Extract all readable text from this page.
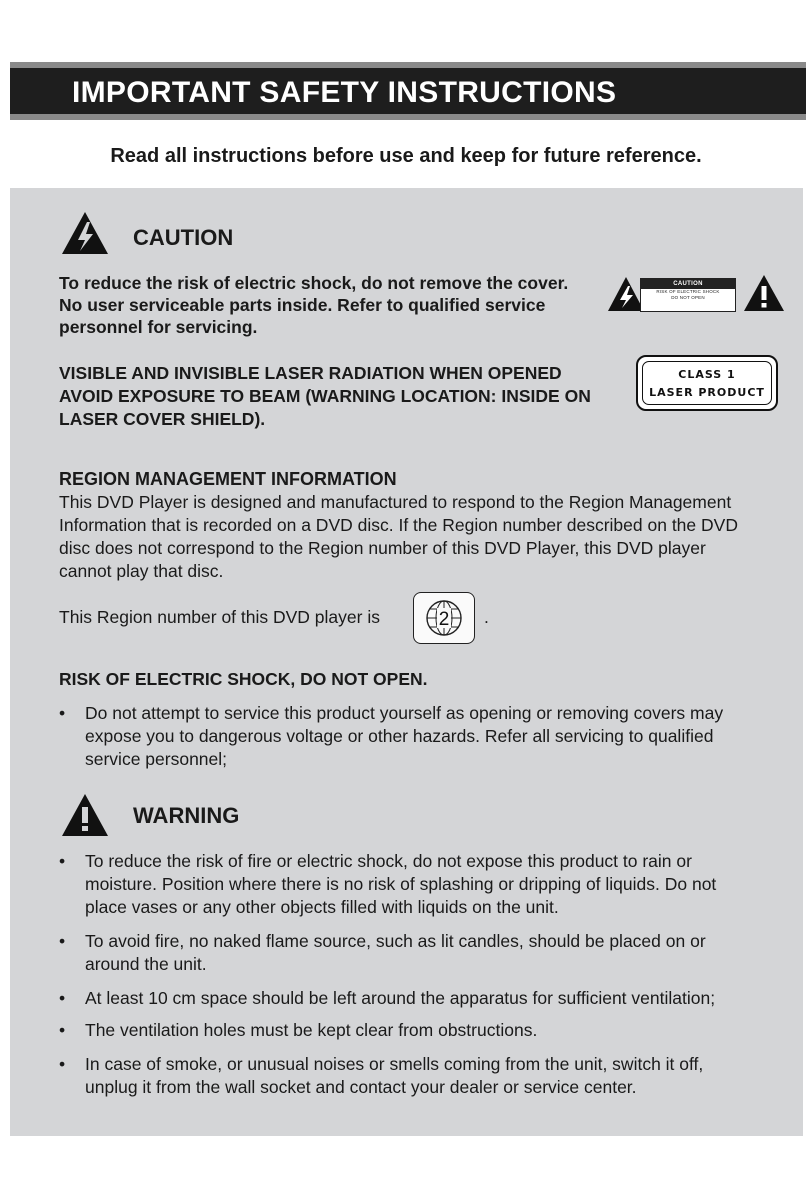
IMPORTANT SAFETY INSTRUCTIONS
Read all instructions before use and keep for future reference.
CAUTION
To reduce the risk of electric shock, do not remove the cover.
No user serviceable parts inside. Refer to qualified service
personnel for servicing.
CAUTION
RISK OF ELECTRIC SHOCK
DO NOT OPEN
VISIBLE AND INVISIBLE LASER RADIATION WHEN OPENED
AVOID EXPOSURE TO BEAM (WARNING LOCATION: INSIDE ON
LASER COVER SHIELD).
CLASS 1
LASER PRODUCT
REGION MANAGEMENT INFORMATION
This DVD Player is designed and manufactured to respond to the Region Management
Information that is recorded on a DVD disc. If the Region number described on the DVD
disc does not correspond to the Region number of this DVD Player, this DVD player
cannot play that disc.
This Region number of this DVD player is	2 .
RISK OF ELECTRIC SHOCK, DO NOT OPEN.
• Do not attempt to service this product yourself as opening or removing covers may
expose you to dangerous voltage or other hazards. Refer all servicing to qualified
service personnel;
WARNING
• To reduce the risk of fire or electric shock, do not expose this product to rain or
moisture. Position where there is no risk of splashing or dripping of liquids. Do not
place vases or any other objects filled with liquids on the unit.
• To avoid fire, no naked flame source, such as lit candles, should be placed on or
around the unit.
• At least 10 cm space should be left around the apparatus for sufficient ventilation;
• The ventilation holes must be kept clear from obstructions.
• In case of smoke, or unusual noises or smells coming from the unit, switch it off,
unplug it from the wall socket and contact your dealer or service center.
